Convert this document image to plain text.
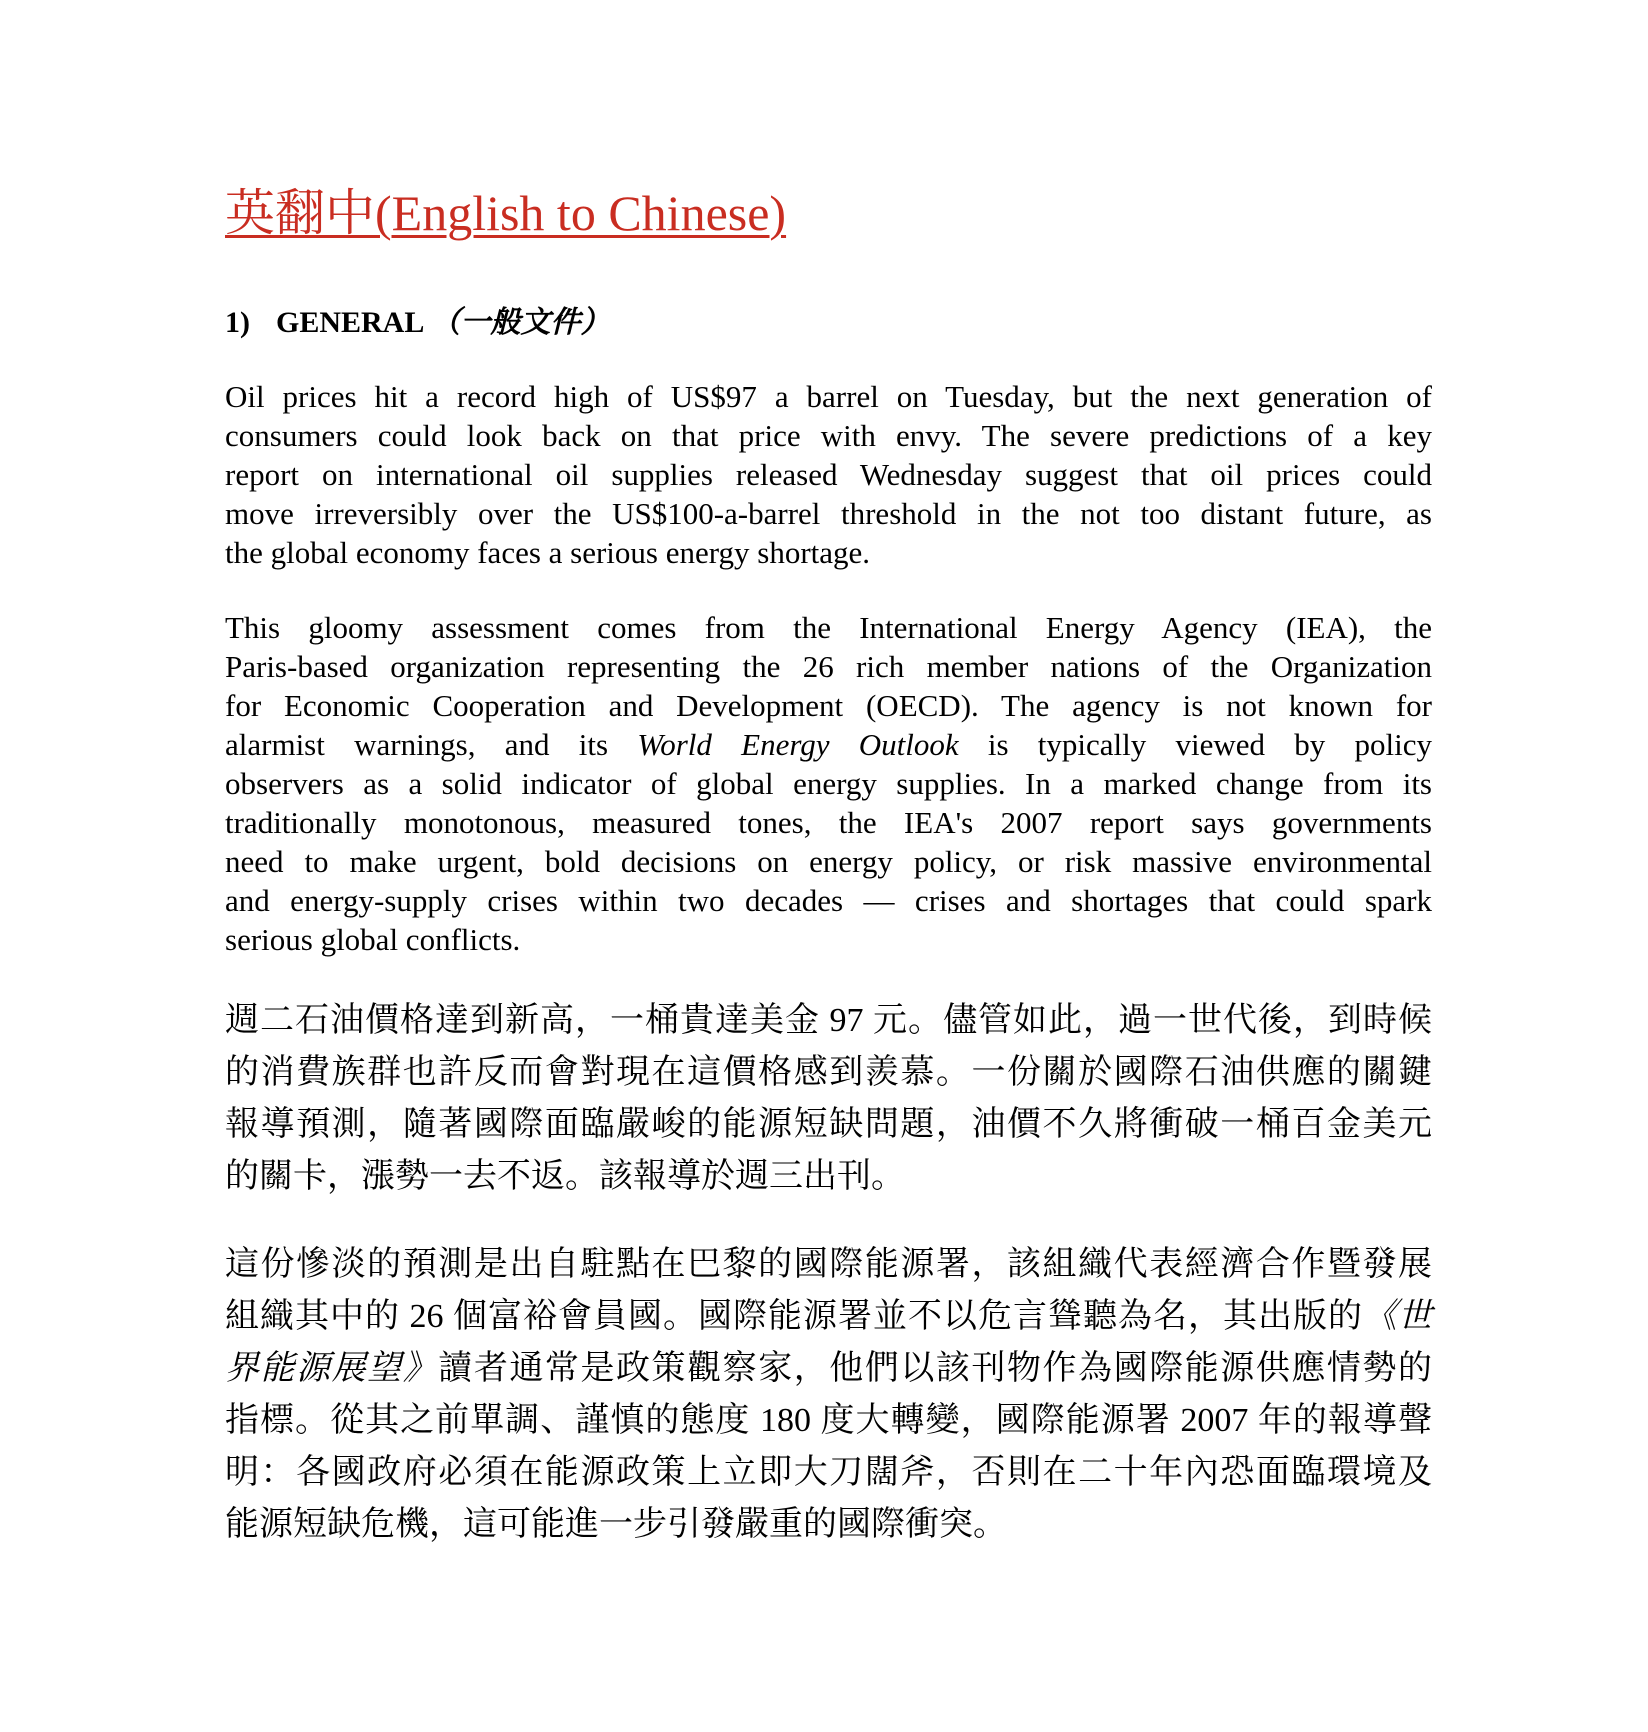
英翻中(English to Chinese)
1) GENERAL （一般文件）
Oil prices hit a record high of US$97 a barrel on Tuesday, but the next generation of
consumers could look back on that price with envy. The severe predictions of a key
report on international oil supplies released Wednesday suggest that oil prices could
move irreversibly over the US$100-a-barrel threshold in the not too distant future, as
the global economy faces a serious energy shortage.
This gloomy assessment comes from the International Energy Agency (IEA), the
Paris-based organization representing the 26 rich member nations of the Organization
for Economic Cooperation and Development (OECD). The agency is not known for
alarmist warnings, and its World Energy Outlook is typically viewed by policy
observers as a solid indicator of global energy supplies. In a marked change from its
traditionally monotonous, measured tones, the IEA's 2007 report says governments
need to make urgent, bold decisions on energy policy, or risk massive environmental
and energy-supply crises within two decades — crises and shortages that could spark
serious global conflicts.
週二石油價格達到新高，一桶貴達美金 97 元。儘管如此，過一世代後，到時候
的消費族群也許反而會對現在這價格感到羨慕。一份關於國際石油供應的關鍵
報導預測，隨著國際面臨嚴峻的能源短缺問題，油價不久將衝破一桶百金美元
的關卡，漲勢一去不返。該報導於週三出刊。
這份慘淡的預測是出自駐點在巴黎的國際能源署，該組織代表經濟合作暨發展
組織其中的 26 個富裕會員國。國際能源署並不以危言聳聽為名，其出版的《世
界能源展望》讀者通常是政策觀察家，他們以該刊物作為國際能源供應情勢的
指標。從其之前單調、謹慎的態度 180 度大轉變，國際能源署 2007 年的報導聲
明：各國政府必須在能源政策上立即大刀闊斧，否則在二十年內恐面臨環境及
能源短缺危機，這可能進一步引發嚴重的國際衝突。
